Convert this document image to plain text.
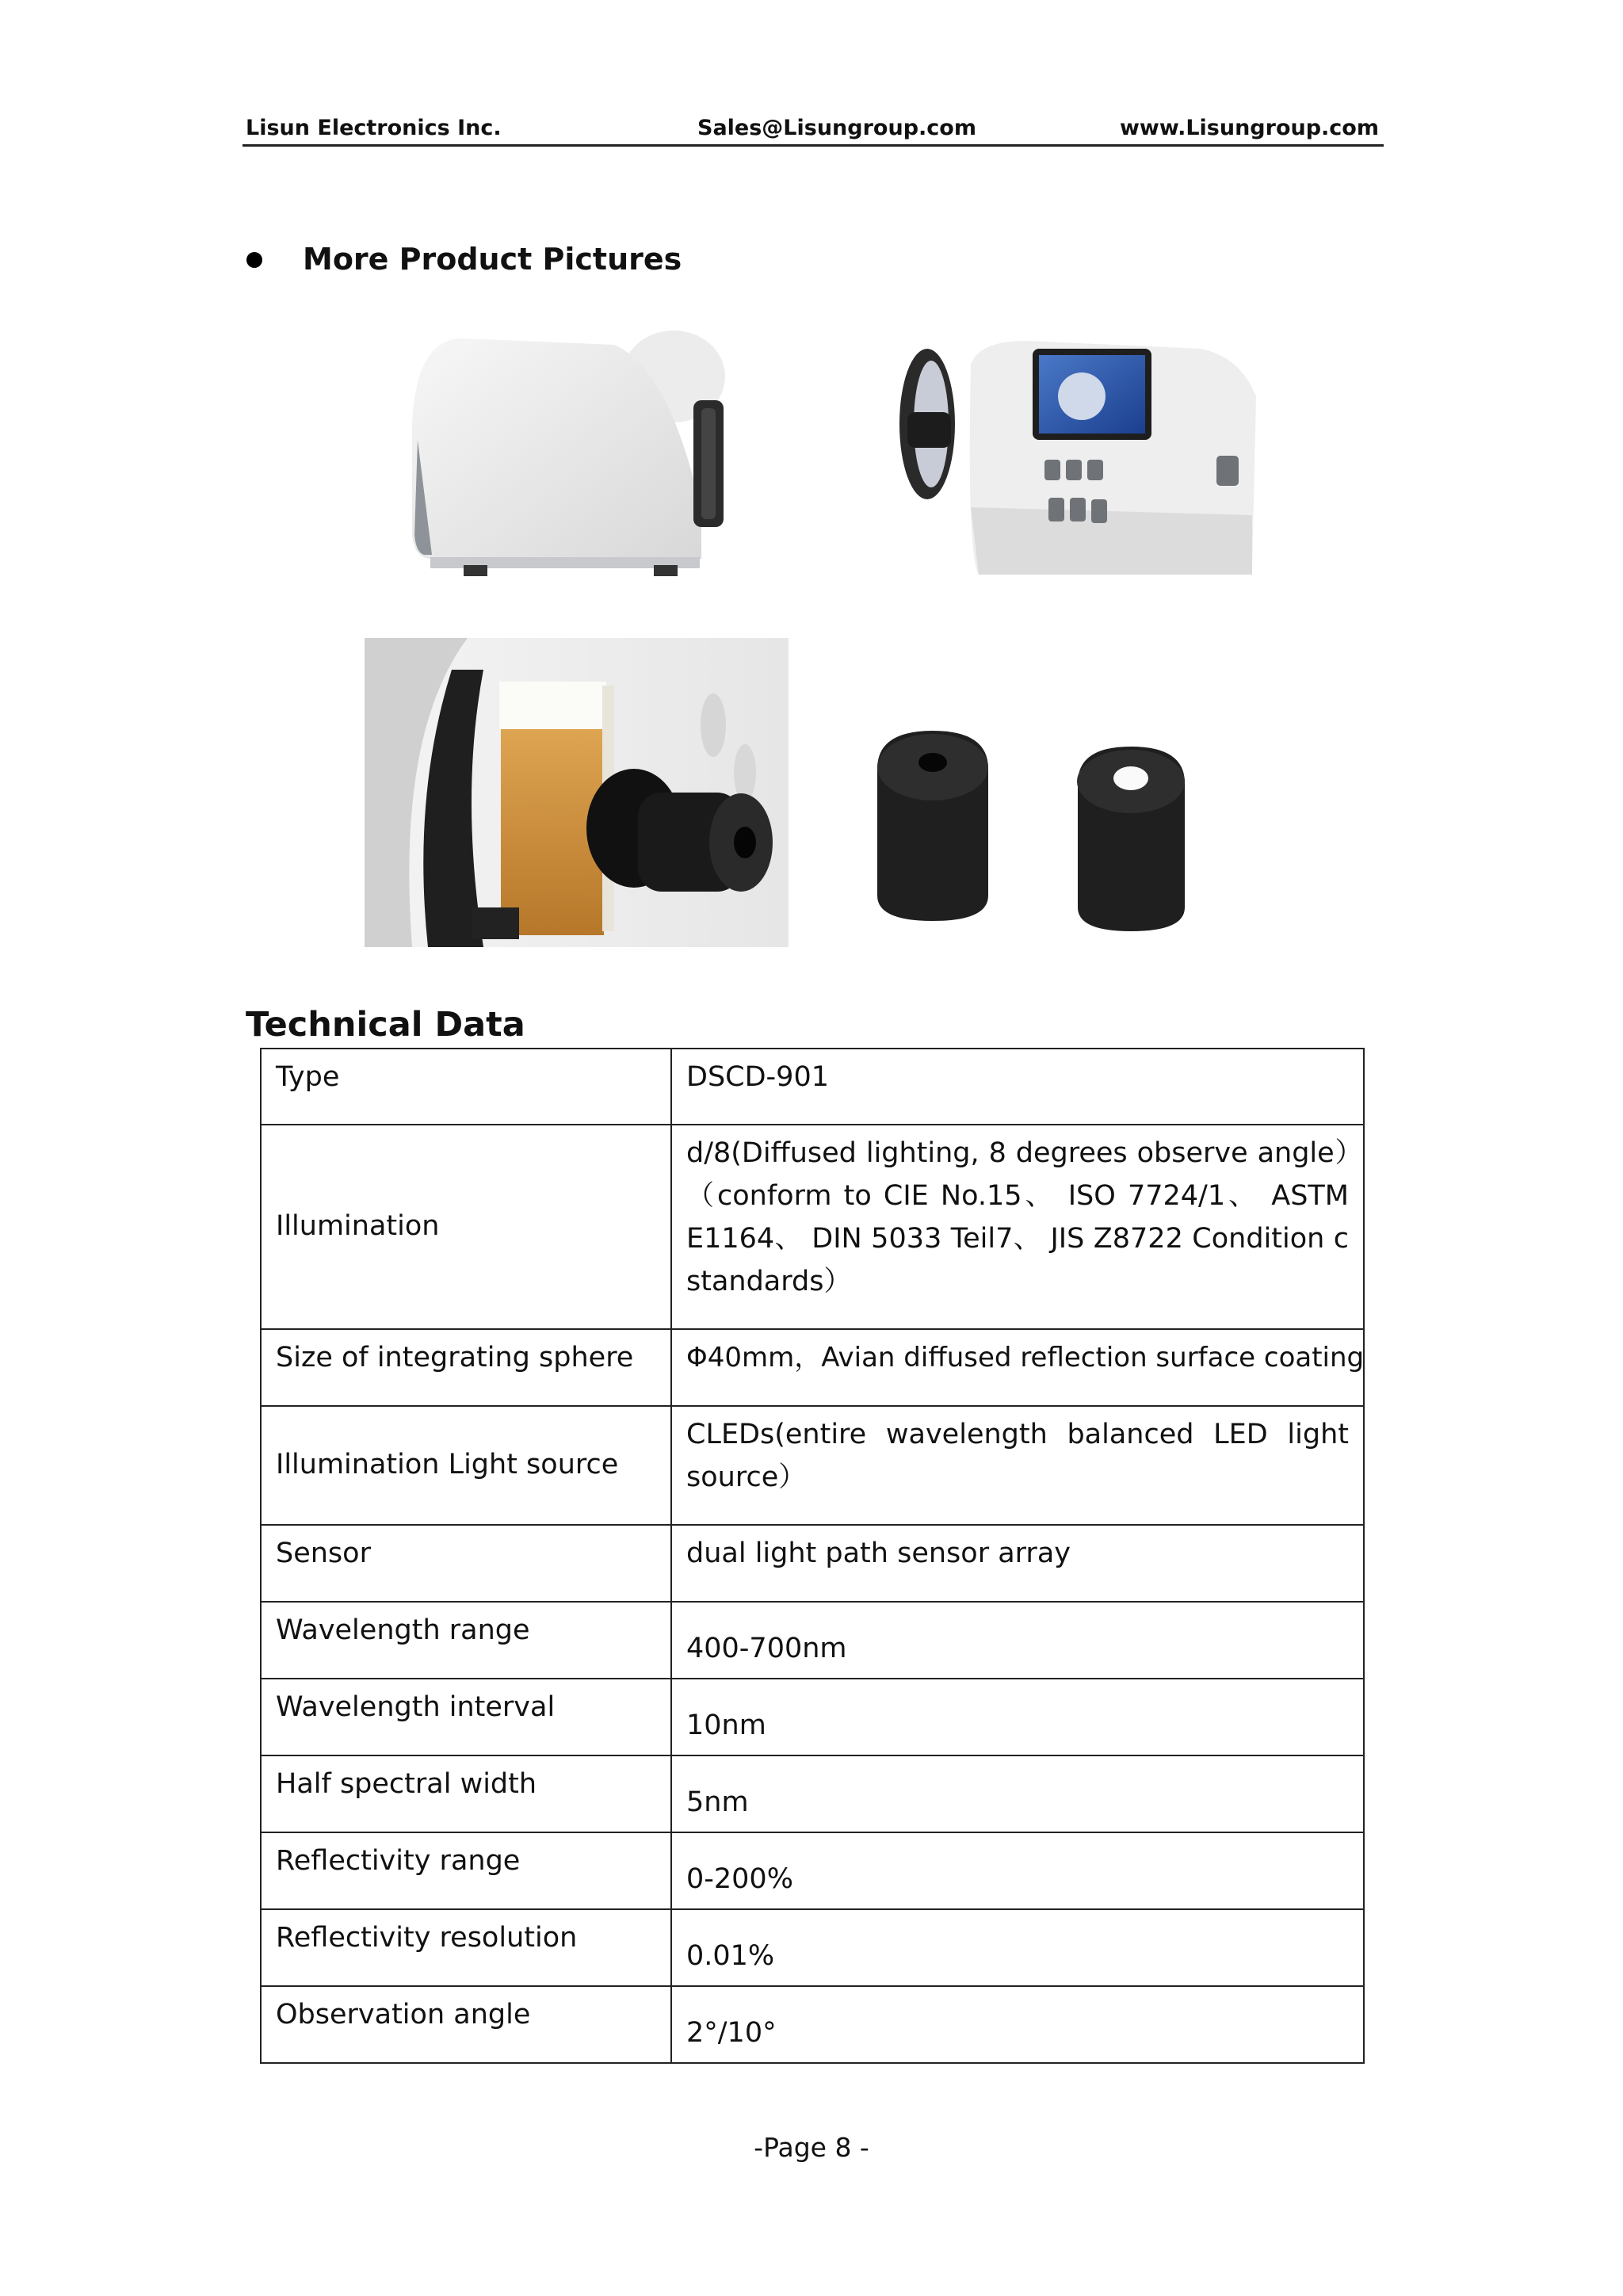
Lisun Electronics Inc.	Sales@Lisungroup.com	www.Lisungroup.com
More Product Pictures
Technical Data
Type	DSCD-901
Illumination	d/8(Diffused lighting, 8 degrees observe angle）（conform to CIE No.15、 ISO 7724/1、 ASTM E1164、 DIN 5033 Teil7、 JIS Z8722 Condition c standards）
Size of integrating sphere	Φ40mm，Avian diffused reflection surface coating
Illumination Light source	CLEDs(entire wavelength balanced LED light source）
Sensor	dual light path sensor array
Wavelength range	400-700nm
Wavelength interval	10nm
Half spectral width	5nm
Reflectivity range	0-200%
Reflectivity resolution	0.01%
Observation angle	2°/10°
-Page 8 -
